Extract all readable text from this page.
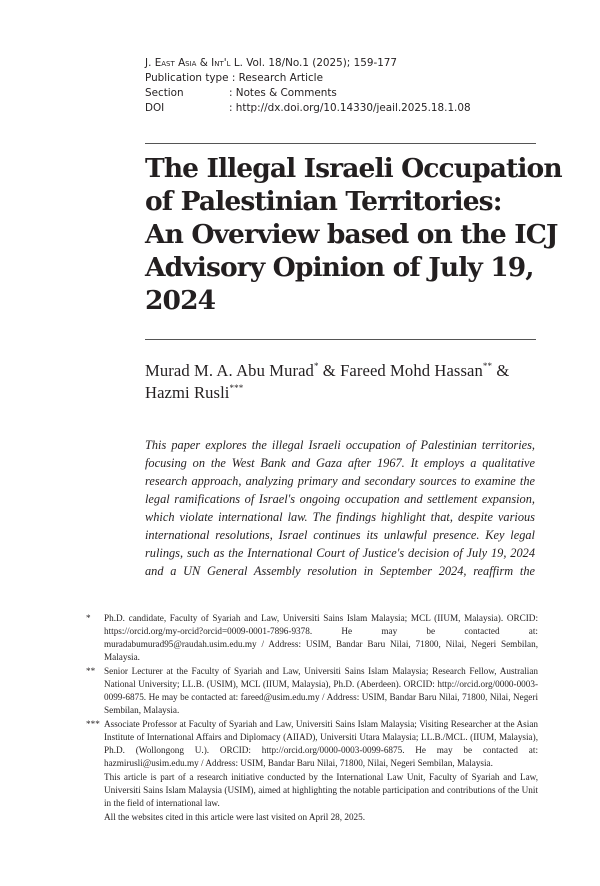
J. East Asia & Int'l L. Vol. 18/No.1 (2025); 159-177
Publication type : Research Article
Section	: Notes & Comments
DOI	: http://dx.doi.org/10.14330/jeail.2025.18.1.08
The Illegal Israeli Occupation
of Palestinian Territories:
An Overview based on the ICJ
Advisory Opinion of July 19,
2024
Murad M. A. Abu Murad* & Fareed Mohd Hassan** &
Hazmi Rusli***

This paper explores the illegal Israeli occupation of Palestinian territories, focusing on the West Bank and Gaza after 1967. It employs a qualitative research approach, analyzing primary and secondary sources to examine the legal ramifications of Israel's ongoing occupation and settlement expansion, which violate international law. The findings highlight that, despite various international resolutions, Israel continues its unlawful presence. Key legal rulings, such as the International Court of Justice's decision of July 19, 2024 and a UN General Assembly resolution in September 2024, reaffirm the

*	Ph.D. candidate, Faculty of Syariah and Law, Universiti Sains Islam Malaysia; MCL (IIUM, Malaysia). ORCID: https://orcid.org/my-orcid?orcid=0009-0001-7896-9378. He may be contacted at: muradabumurad95@raudah.usim.edu.my / Address: USIM, Bandar Baru Nilai, 71800, Nilai, Negeri Sembilan, Malaysia.
** Senior Lecturer at the Faculty of Syariah and Law, Universiti Sains Islam Malaysia; Research Fellow, Australian National University; LL.B. (USIM), MCL (IIUM, Malaysia), Ph.D. (Aberdeen). ORCID: http://orcid.org/0000-0003-0099-6875. He may be contacted at: fareed@usim.edu.my / Address: USIM, Bandar Baru Nilai, 71800, Nilai, Negeri Sembilan, Malaysia.
*** Associate Professor at Faculty of Syariah and Law, Universiti Sains Islam Malaysia; Visiting Researcher at the Asian Institute of International Affairs and Diplomacy (AIIAD), Universiti Utara Malaysia; LL.B./MCL. (IIUM, Malaysia), Ph.D. (Wollongong U.). ORCID: http://orcid.org/0000-0003-0099-6875. He may be contacted at: hazmirusli@usim.edu.my / Address: USIM, Bandar Baru Nilai, 71800, Nilai, Negeri Sembilan, Malaysia.
This article is part of a research initiative conducted by the International Law Unit, Faculty of Syariah and Law, Universiti Sains Islam Malaysia (USIM), aimed at highlighting the notable participation and contributions of the Unit in the field of international law.
All the websites cited in this article were last visited on April 28, 2025.
